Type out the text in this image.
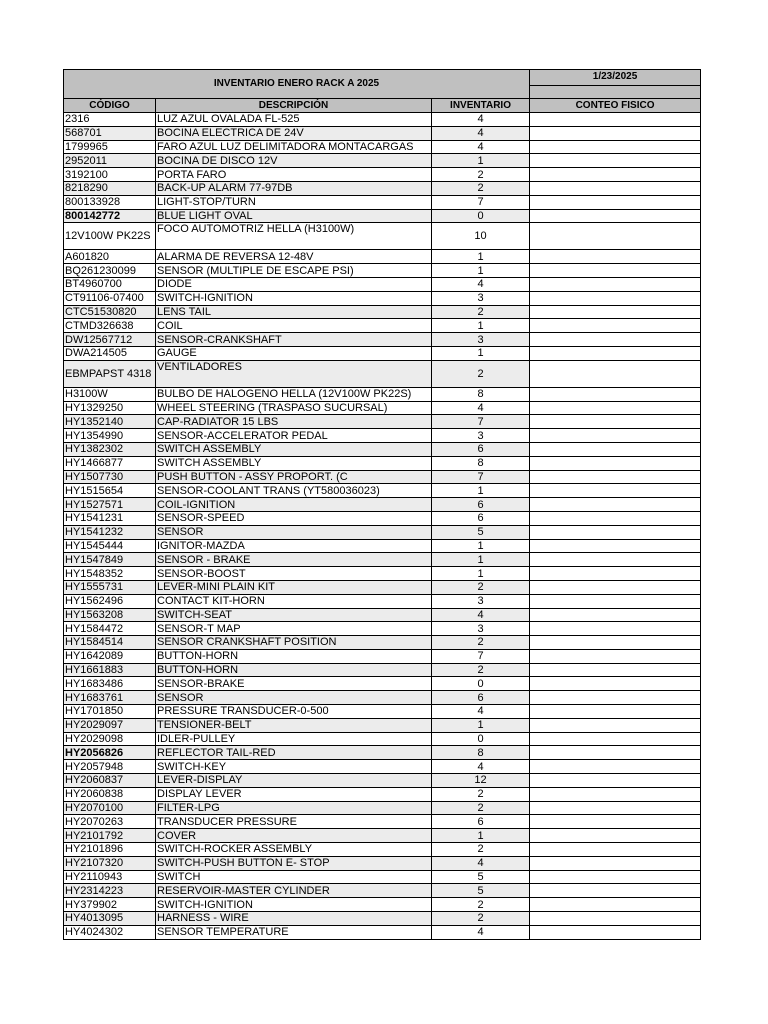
INVENTARIO ENERO RACK A 2025			1/23/2025

CÓDIGO	DESCRIPCIÓN	INVENTARIO	CONTEO FISICO
2316	LUZ AZUL OVALADA FL-525	4	
568701	BOCINA ELECTRICA DE 24V	4	
1799965	FARO AZUL LUZ DELIMITADORA MONTACARGAS	4	
2952011	BOCINA DE DISCO 12V	1	
3192100	PORTA FARO	2	
8218290	BACK-UP ALARM 77-97DB	2	
800133928	LIGHT-STOP/TURN	7	
800142772	BLUE LIGHT OVAL	0	
12V100W PK22S	FOCO AUTOMOTRIZ HELLA (H3100W)	10	
A601820	ALARMA DE REVERSA 12-48V	1	
BQ261230099	SENSOR (MULTIPLE DE ESCAPE PSI)	1	
BT4960700	DIODE	4	
CT91106-07400	SWITCH-IGNITION	3	
CTC51530820	LENS TAIL	2	
CTMD326638	COIL	1	
DW12567712	SENSOR-CRANKSHAFT	3	
DWA214505	GAUGE	1	
EBMPAPST 4318	VENTILADORES	2	
H3100W	BULBO DE HALOGENO HELLA (12V100W PK22S)	8	
HY1329250	WHEEL STEERING (TRASPASO SUCURSAL)	4	
HY1352140	CAP-RADIATOR 15 LBS	7	
HY1354990	SENSOR-ACCELERATOR PEDAL	3	
HY1382302	SWITCH ASSEMBLY	6	
HY1466877	SWITCH ASSEMBLY	8	
HY1507730	PUSH BUTTON - ASSY PROPORT. (C	7	
HY1515654	SENSOR-COOLANT TRANS (YT580036023)	1	
HY1527571	COIL-IGNITION	6	
HY1541231	SENSOR-SPEED	6	
HY1541232	SENSOR	5	
HY1545444	IGNITOR-MAZDA	1	
HY1547849	SENSOR - BRAKE	1	
HY1548352	SENSOR-BOOST	1	
HY1555731	LEVER-MINI PLAIN KIT	2	
HY1562496	CONTACT KIT-HORN	3	
HY1563208	SWITCH-SEAT	4	
HY1584472	SENSOR-T MAP	3	
HY1584514	SENSOR CRANKSHAFT POSITION	2	
HY1642089	BUTTON-HORN	7	
HY1661883	BUTTON-HORN	2	
HY1683486	SENSOR-BRAKE	0	
HY1683761	SENSOR	6	
HY1701850	PRESSURE TRANSDUCER-0-500	4	
HY2029097	TENSIONER-BELT	1	
HY2029098	IDLER-PULLEY	0	
HY2056826	REFLECTOR TAIL-RED	8	
HY2057948	SWITCH-KEY	4	
HY2060837	LEVER-DISPLAY	12	
HY2060838	DISPLAY LEVER	2	
HY2070100	FILTER-LPG	2	
HY2070263	TRANSDUCER PRESSURE	6	
HY2101792	COVER	1	
HY2101896	SWITCH-ROCKER ASSEMBLY	2	
HY2107320	SWITCH-PUSH BUTTON E- STOP	4	
HY2110943	SWITCH	5	
HY2314223	RESERVOIR-MASTER CYLINDER	5	
HY379902	SWITCH-IGNITION	2	
HY4013095	HARNESS - WIRE	2	
HY4024302	SENSOR TEMPERATURE	4	
